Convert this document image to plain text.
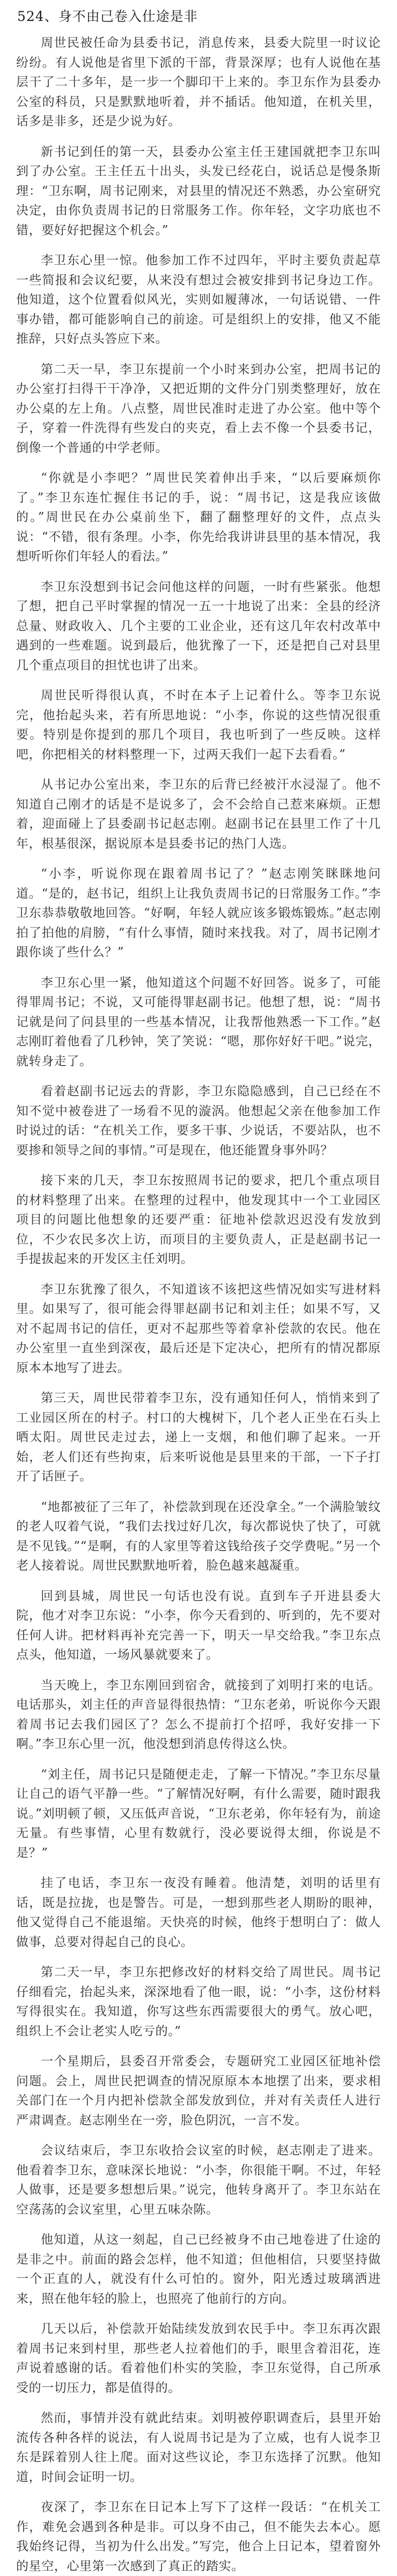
524、身不由己卷入仕途是非

周世民被任命为县委书记，消息传来，县委大院里一时议论纷纷。有人说他是省里下派的干部，背景深厚；也有人说他在基层干了二十多年，是一步一个脚印干上来的。李卫东作为县委办公室的科员，只是默默地听着，并不插话。他知道，在机关里，话多是非多，还是少说为好。

新书记到任的第一天，县委办公室主任王建国就把李卫东叫到了办公室。王主任五十出头，头发已经花白，说话总是慢条斯理：“卫东啊，周书记刚来，对县里的情况还不熟悉，办公室研究决定，由你负责周书记的日常服务工作。你年轻，文字功底也不错，要好好把握这个机会。”

李卫东心里一惊。他参加工作不过四年，平时主要负责起草一些简报和会议纪要，从来没有想过会被安排到书记身边工作。他知道，这个位置看似风光，实则如履薄冰，一句话说错、一件事办错，都可能影响自己的前途。可是组织上的安排，他又不能推辞，只好点头答应下来。

第二天一早，李卫东提前一个小时来到办公室，把周书记的办公室打扫得干干净净，又把近期的文件分门别类整理好，放在办公桌的左上角。八点整，周世民准时走进了办公室。他中等个子，穿着一件洗得有些发白的夹克，看上去不像一个县委书记，倒像一个普通的中学老师。

“你就是小李吧？”周世民笑着伸出手来，“以后要麻烦你了。”李卫东连忙握住书记的手，说：“周书记，这是我应该做的。”周世民在办公桌前坐下，翻了翻整理好的文件，点点头说：“不错，很有条理。小李，你先给我讲讲县里的基本情况，我想听听你们年轻人的看法。”

李卫东没想到书记会问他这样的问题，一时有些紧张。他想了想，把自己平时掌握的情况一五一十地说了出来：全县的经济总量、财政收入、几个主要的工业企业，还有这几年农村改革中遇到的一些难题。说到最后，他犹豫了一下，还是把自己对县里几个重点项目的担忧也讲了出来。

周世民听得很认真，不时在本子上记着什么。等李卫东说完，他抬起头来，若有所思地说：“小李，你说的这些情况很重要。特别是你提到的那几个项目，我也听到了一些反映。这样吧，你把相关的材料整理一下，过两天我们一起下去看看。”

从书记办公室出来，李卫东的后背已经被汗水浸湿了。他不知道自己刚才的话是不是说多了，会不会给自己惹来麻烦。正想着，迎面碰上了县委副书记赵志刚。赵副书记在县里工作了十几年，根基很深，据说原本是县委书记的热门人选。

“小李，听说你现在跟着周书记了？”赵志刚笑眯眯地问道。“是的，赵书记，组织上让我负责周书记的日常服务工作。”李卫东恭恭敬敬地回答。“好啊，年轻人就应该多锻炼锻炼。”赵志刚拍了拍他的肩膀，“有什么事情，随时来找我。对了，周书记刚才跟你谈了些什么？”

李卫东心里一紧，他知道这个问题不好回答。说多了，可能得罪周书记；不说，又可能得罪赵副书记。他想了想，说：“周书记就是问了问县里的一些基本情况，让我帮他熟悉一下工作。”赵志刚盯着他看了几秒钟，笑了笑说：“嗯，那你好好干吧。”说完，就转身走了。

看着赵副书记远去的背影，李卫东隐隐感到，自己已经在不知不觉中被卷进了一场看不见的漩涡。他想起父亲在他参加工作时说过的话：“在机关工作，要多干事、少说话，不要站队，也不要掺和领导之间的事情。”可是现在，他还能置身事外吗？

接下来的几天，李卫东按照周书记的要求，把几个重点项目的材料整理了出来。在整理的过程中，他发现其中一个工业园区项目的问题比他想象的还要严重：征地补偿款迟迟没有发放到位，不少农民多次上访，而项目的主要负责人，正是赵副书记一手提拔起来的开发区主任刘明。

李卫东犹豫了很久，不知道该不该把这些情况如实写进材料里。如果写了，很可能会得罪赵副书记和刘主任；如果不写，又对不起周书记的信任，更对不起那些等着拿补偿款的农民。他在办公室里一直坐到深夜，最后还是下定决心，把所有的情况都原原本本地写了进去。

第三天，周世民带着李卫东，没有通知任何人，悄悄来到了工业园区所在的村子。村口的大槐树下，几个老人正坐在石头上晒太阳。周世民走过去，递上一支烟，和他们聊了起来。一开始，老人们还有些拘束，后来听说他是县里来的干部，一下子打开了话匣子。

“地都被征了三年了，补偿款到现在还没拿全。”一个满脸皱纹的老人叹着气说，“我们去找过好几次，每次都说快了快了，可就是不见钱。”“是啊，有的人家里等着这钱给孩子交学费呢。”另一个老人接着说。周世民默默地听着，脸色越来越凝重。

回到县城，周世民一句话也没有说。直到车子开进县委大院，他才对李卫东说：“小李，你今天看到的、听到的，先不要对任何人讲。把材料再补充完善一下，明天一早交给我。”李卫东点点头，他知道，一场风暴就要来了。

当天晚上，李卫东刚回到宿舍，就接到了刘明打来的电话。电话那头，刘主任的声音显得很热情：“卫东老弟，听说你今天跟着周书记去我们园区了？怎么不提前打个招呼，我好安排一下啊。”李卫东心里一沉，他没想到消息传得这么快。

“刘主任，周书记只是随便走走，了解一下情况。”李卫东尽量让自己的语气平静一些。“了解情况好啊，有什么需要，随时跟我说。”刘明顿了顿，又压低声音说，“卫东老弟，你年轻有为，前途无量。有些事情，心里有数就行，没必要说得太细，你说是不是？”

挂了电话，李卫东一夜没有睡着。他清楚，刘明的话里有话，既是拉拢，也是警告。可是，一想到那些老人期盼的眼神，他又觉得自己不能退缩。天快亮的时候，他终于想明白了：做人做事，总要对得起自己的良心。

第二天一早，李卫东把修改好的材料交给了周世民。周书记仔细看完，抬起头来，深深地看了他一眼，说：“小李，这份材料写得很实在。我知道，你写这些东西需要很大的勇气。放心吧，组织上不会让老实人吃亏的。”

一个星期后，县委召开常委会，专题研究工业园区征地补偿问题。会上，周世民把调查的情况原原本本地摆了出来，要求相关部门在一个月内把补偿款全部发放到位，并对有关责任人进行严肃调查。赵志刚坐在一旁，脸色阴沉，一言不发。

会议结束后，李卫东收拾会议室的时候，赵志刚走了进来。他看着李卫东，意味深长地说：“小李，你很能干啊。不过，年轻人做事，还是要多想想后果。”说完，他转身离开了。李卫东站在空荡荡的会议室里，心里五味杂陈。

他知道，从这一刻起，自己已经被身不由己地卷进了仕途的是非之中。前面的路会怎样，他不知道；但他相信，只要坚持做一个正直的人，就没有什么可怕的。窗外，阳光透过玻璃洒进来，照在他年轻的脸上，也照亮了他前行的方向。

几天以后，补偿款开始陆续发放到农民手中。李卫东再次跟着周书记来到村里，那些老人拉着他们的手，眼里含着泪花，连声说着感谢的话。看着他们朴实的笑脸，李卫东觉得，自己所承受的一切压力，都是值得的。

然而，事情并没有就此结束。刘明被停职调查后，县里开始流传各种各样的说法，有人说周书记是为了立威，也有人说李卫东是踩着别人往上爬。面对这些议论，李卫东选择了沉默。他知道，时间会证明一切。

夜深了，李卫东在日记本上写下了这样一段话：“在机关工作，难免会遇到各种是非。可以身不由己，但不能失去本心。愿我始终记得，当初为什么出发。”写完，他合上日记本，望着窗外的星空，心里第一次感到了真正的踏实。
